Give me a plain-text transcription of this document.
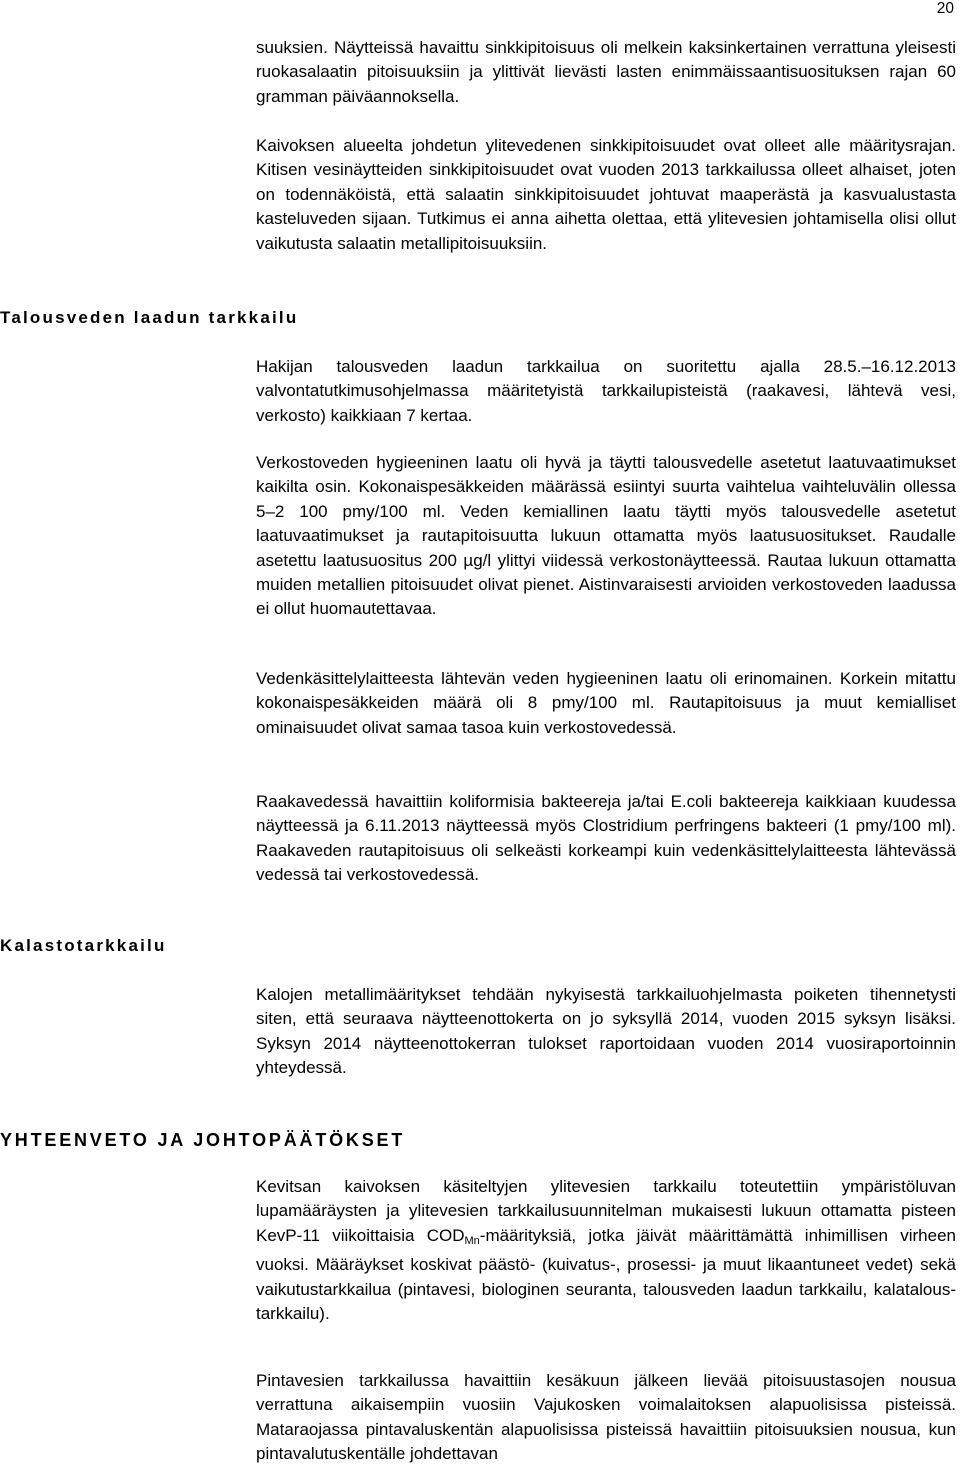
20

suuksien. Näytteissä havaittu sinkkipitoisuus oli melkein kaksinkertainen verrattuna yleisesti ruokasalaatin pitoisuuksiin ja ylittivät lievästi lasten enimmäissaantisuosituksen rajan 60 gramman päiväannoksella.

Kaivoksen alueelta johdetun ylitevedenen sinkkipitoisuudet ovat olleet alle määritysrajan. Kitisen vesinäytteiden sinkkipitoisuudet ovat vuoden 2013 tarkkailussa olleet alhaiset, joten on todennäköistä, että salaatin sinkkipitoisuudet johtuvat maaperästä ja kasvualustasta kasteluveden sijaan. Tutkimus ei anna aihetta olettaa, että ylitevesien johtamisella olisi ollut vaikutusta salaatin metallipitoisuuksiin.

Talousveden laadun tarkkailu

Hakijan talousveden laadun tarkkailua on suoritettu ajalla 28.5.–16.12.2013 valvontatutkimusohjelmassa määritetyistä tarkkailupisteistä (raakavesi, lähtevä vesi, verkosto) kaikkiaan 7 kertaa.

Verkostoveden hygieeninen laatu oli hyvä ja täytti talousvedelle asetetut laatuvaatimukset kaikilta osin. Kokonaispesäkkeiden määrässä esiintyi suurta vaihtelua vaihteluvälin ollessa 5–2 100 pmy/100 ml. Veden kemiallinen laatu täytti myös talousvedelle asetetut laatuvaatimukset ja rautapitoisuutta lukuun ottamatta myös laatusuositukset. Raudalle asetettu laatusuositus 200 µg/l ylittyi viidessä verkostonäytteessä. Rautaa lukuun ottamatta muiden metallien pitoisuudet olivat pienet. Aistinvaraisesti arvioiden verkostoveden laadussa ei ollut huomautettavaa.

Vedenkäsittelylaitteesta lähtevän veden hygieeninen laatu oli erinomainen. Korkein mitattu kokonaispesäkkeiden määrä oli 8 pmy/100 ml. Rautapitoisuus ja muut kemialliset ominaisuudet olivat samaa tasoa kuin verkostovedessä.

Raakavedessä havaittiin koliformisia bakteereja ja/tai E.coli bakteereja kaikkiaan kuudessa näytteessä ja 6.11.2013 näytteessä myös Clostridium perfringens bakteeri (1 pmy/100 ml). Raakaveden rautapitoisuus oli selkeästi korkeampi kuin vedenkäsittelylaitteesta lähtevässä vedessä tai verkostovedessä.

Kalastotarkkailu

Kalojen metallimääritykset tehdään nykyisestä tarkkailuohjelmasta poiketen tihennetysti siten, että seuraava näytteenottokerta on jo syksyllä 2014, vuoden 2015 syksyn lisäksi. Syksyn 2014 näytteenottokerran tulokset raportoidaan vuoden 2014 vuosiraportoinnin yhteydessä.

YHTEENVETO JA JOHTOPÄÄTÖKSET

Kevitsan kaivoksen käsiteltyjen ylitevesien tarkkailu toteutettiin ympäristöluvan lupamääräysten ja ylitevesien tarkkailusuunnitelman mukaisesti lukuun ottamatta pisteen KevP-11 viikoittaisia $COD_{Mn}$-määrityksiä, jotka jäivät määrittämättä inhimillisen virheen vuoksi. Määräykset koskivat päästö- (kuivatus-, prosessi- ja muut likaantuneet vedet) sekä vaikutustarkkailua (pintavesi, biologinen seuranta, talousveden laadun tarkkailu, kalatalous-tarkkailu).

Pintavesien tarkkailussa havaittiin kesäkuun jälkeen lievää pitoisuustasojen nousua verrattuna aikaisempiin vuosiin Vajukosken voimalaitoksen alapuolisissa pisteissä. Mataraojassa pintavaluskentän alapuolisissa pisteissä havaittiin pitoisuuksien nousua, kun pintavalutuskentälle johdettavan
